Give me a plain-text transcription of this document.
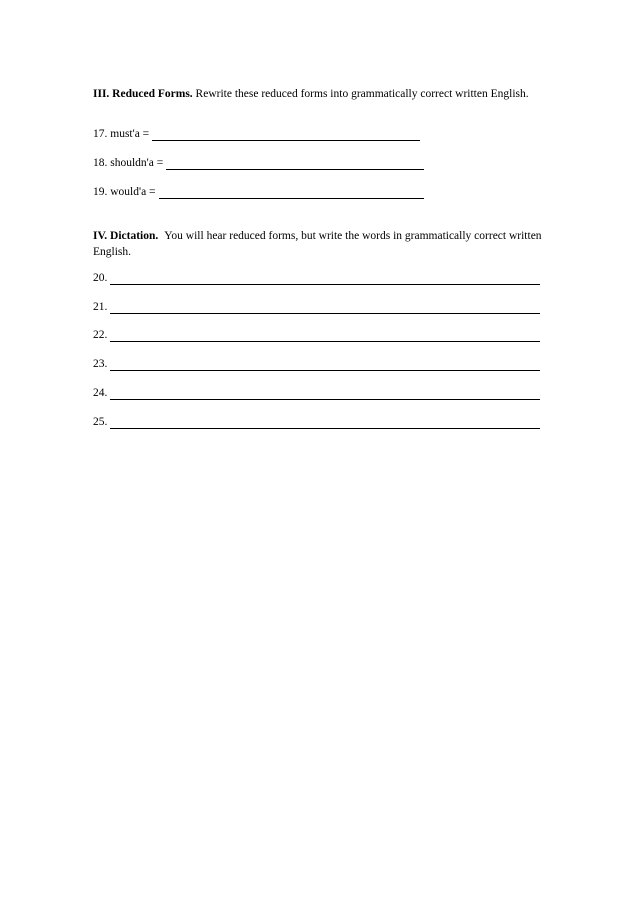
III. Reduced Forms. Rewrite these reduced forms into grammatically correct written English.

17. must'a =
18. shouldn'a =
19. would'a =

IV. Dictation. You will hear reduced forms, but write the words in grammatically correct written English.

20.
21.
22.
23.
24.
25.
